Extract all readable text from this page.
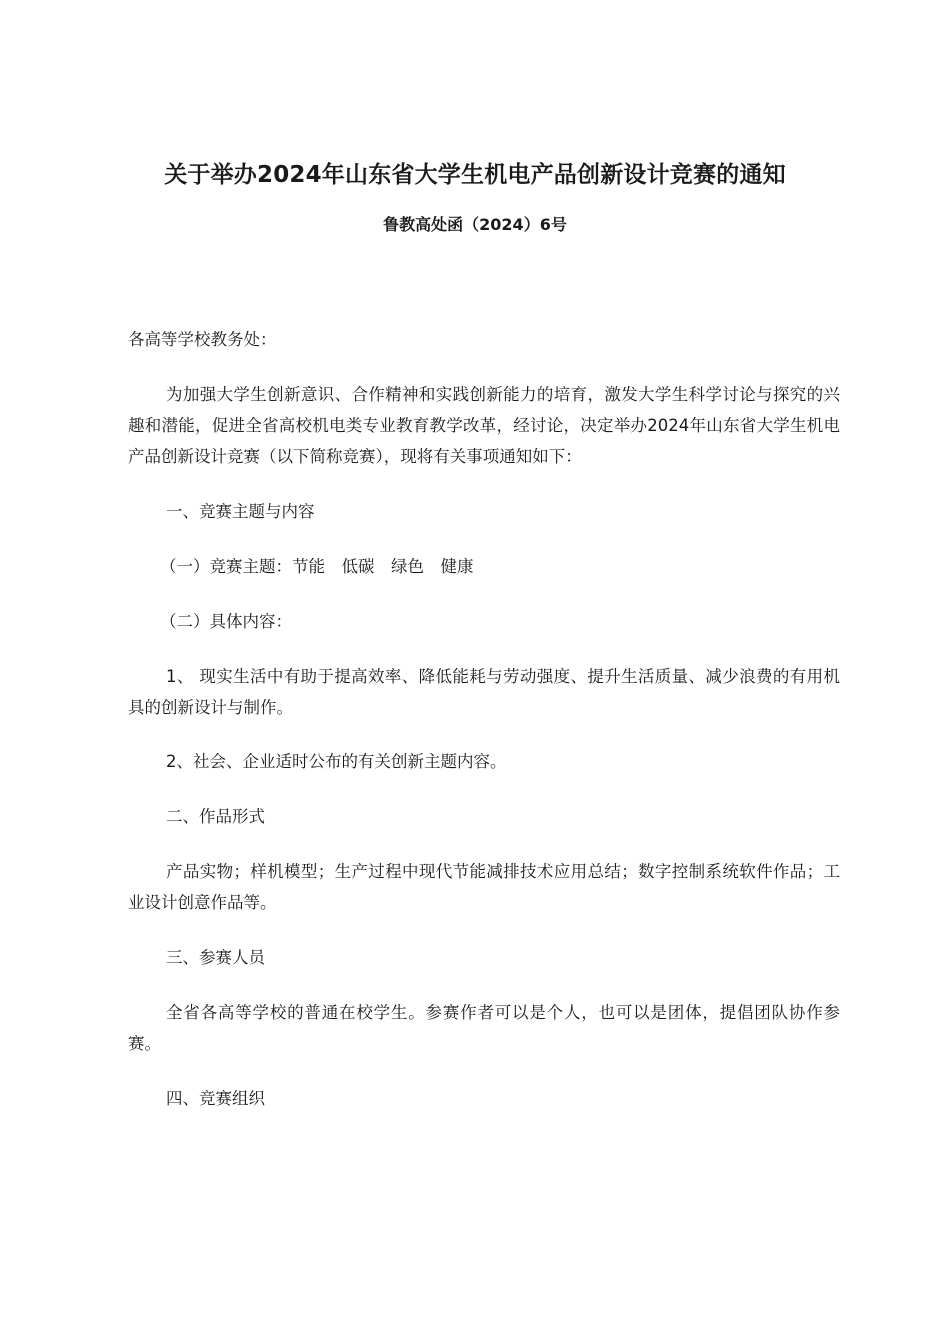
关于举办2024年山东省大学生机电产品创新设计竞赛的通知
鲁教高处函（2024）6号

各高等学校教务处：

为加强大学生创新意识、合作精神和实践创新能力的培育，激发大学生科学讨论与探究的兴趣和潜能，促进全省高校机电类专业教育教学改革，经讨论，决定举办2024年山东省大学生机电产品创新设计竞赛（以下简称竞赛），现将有关事项通知如下：

一、竞赛主题与内容

（一）竞赛主题：节能　低碳　绿色　健康

（二）具体内容：

1、 现实生活中有助于提高效率、降低能耗与劳动强度、提升生活质量、减少浪费的有用机具的创新设计与制作。

2、社会、企业适时公布的有关创新主题内容。

二、作品形式

产品实物；样机模型；生产过程中现代节能减排技术应用总结；数字控制系统软件作品；工业设计创意作品等。

三、参赛人员

全省各高等学校的普通在校学生。参赛作者可以是个人，也可以是团体，提倡团队协作参赛。

四、竞赛组织
